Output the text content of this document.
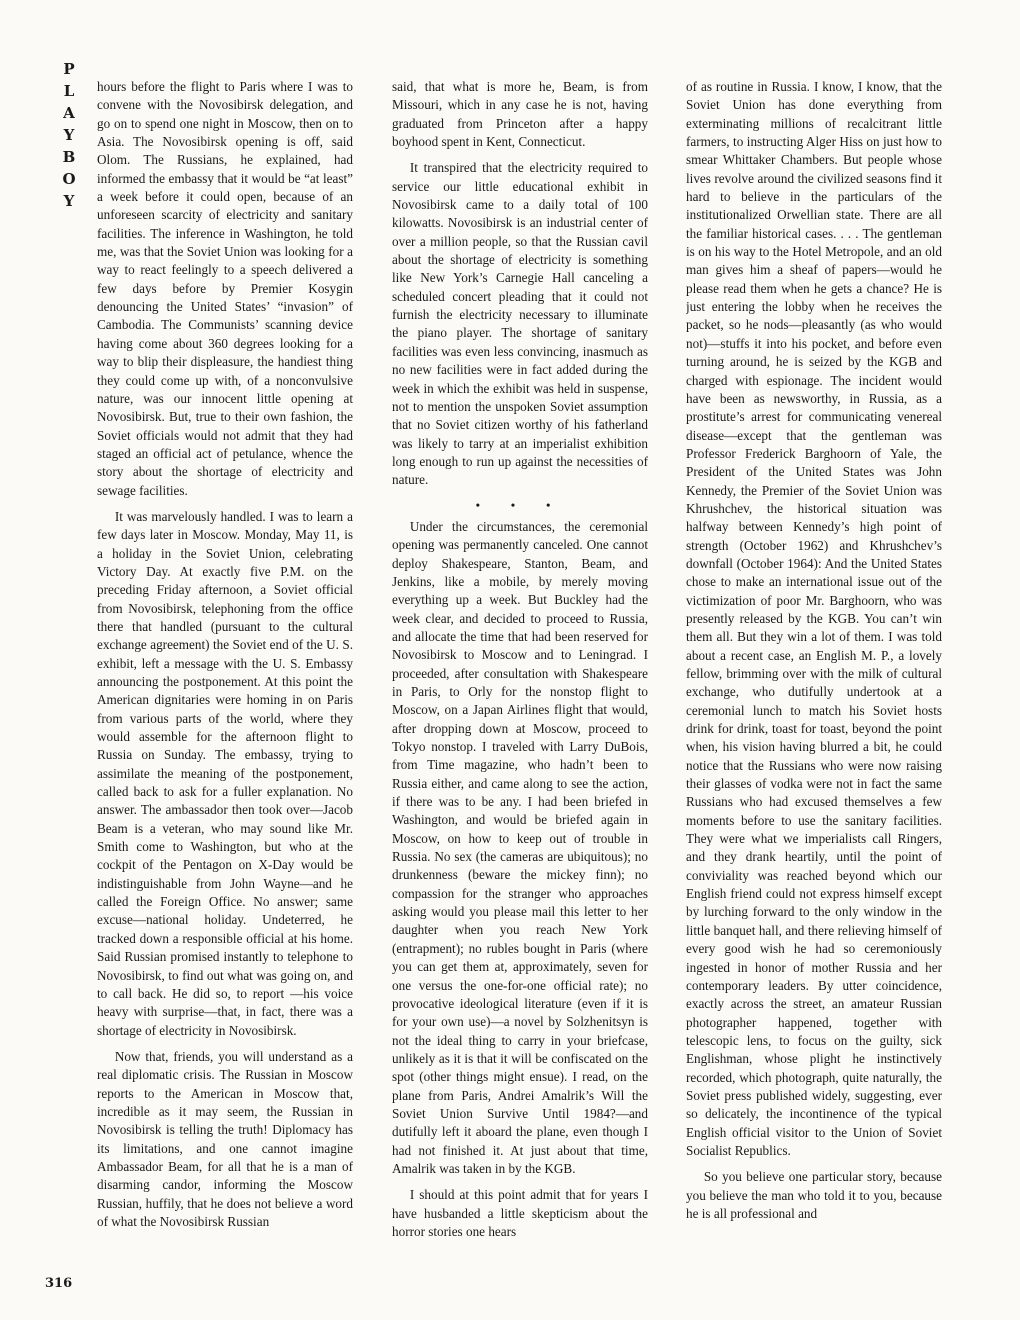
P
L
A
Y
B
O
Y

hours before the flight to Paris where I was to convene with the Novosibirsk delegation, and go on to spend one night in Moscow, then on to Asia. The Novosibirsk opening is off, said Olom. The Russians, he explained, had informed the embassy that it would be “at least” a week before it could open, because of an unforeseen scarcity of electricity and sanitary facilities. The inference in Washington, he told me, was that the Soviet Union was looking for a way to react feelingly to a speech delivered a few days before by Premier Kosygin denouncing the United States’ “invasion” of Cambodia. The Communists’ scanning device having come about 360 degrees looking for a way to blip their displeasure, the handiest thing they could come up with, of a nonconvulsive nature, was our innocent little opening at Novosibirsk. But, true to their own fashion, the Soviet officials would not admit that they had staged an official act of petulance, whence the story about the shortage of electricity and sewage facilities.

It was marvelously handled. I was to learn a few days later in Moscow. Monday, May 11, is a holiday in the Soviet Union, celebrating Victory Day. At exactly five P.M. on the preceding Friday afternoon, a Soviet official from Novosibirsk, telephoning from the office there that handled (pursuant to the cultural exchange agreement) the Soviet end of the U. S. exhibit, left a message with the U. S. Embassy announcing the postponement. At this point the American dignitaries were homing in on Paris from various parts of the world, where they would assemble for the afternoon flight to Russia on Sunday. The embassy, trying to assimilate the meaning of the postponement, called back to ask for a fuller explanation. No answer. The ambassador then took over—Jacob Beam is a veteran, who may sound like Mr. Smith come to Washington, but who at the cockpit of the Pentagon on X-Day would be indistinguishable from John Wayne—and he called the Foreign Office. No answer; same excuse—national holiday. Undeterred, he tracked down a responsible official at his home. Said Russian promised instantly to telephone to Novosibirsk, to find out what was going on, and to call back. He did so, to report —his voice heavy with surprise—that, in fact, there was a shortage of electricity in Novosibirsk.

Now that, friends, you will understand as a real diplomatic crisis. The Russian in Moscow reports to the American in Moscow that, incredible as it may seem, the Russian in Novosibirsk is telling the truth! Diplomacy has its limitations, and one cannot imagine Ambassador Beam, for all that he is a man of disarming candor, informing the Moscow Russian, huffily, that he does not believe a word of what the Novosibirsk Russian

said, that what is more he, Beam, is from Missouri, which in any case he is not, having graduated from Princeton after a happy boyhood spent in Kent, Connecticut.

It transpired that the electricity required to service our little educational exhibit in Novosibirsk came to a daily total of 100 kilowatts. Novosibirsk is an industrial center of over a million people, so that the Russian cavil about the shortage of electricity is something like New York’s Carnegie Hall canceling a scheduled concert pleading that it could not furnish the electricity necessary to illuminate the piano player. The shortage of sanitary facilities was even less convincing, inasmuch as no new facilities were in fact added during the week in which the exhibit was held in suspense, not to mention the unspoken Soviet assumption that no Soviet citizen worthy of his fatherland was likely to tarry at an imperialist exhibition long enough to run up against the necessities of nature.

• • •

Under the circumstances, the ceremonial opening was permanently canceled. One cannot deploy Shakespeare, Stanton, Beam, and Jenkins, like a mobile, by merely moving everything up a week. But Buckley had the week clear, and decided to proceed to Russia, and allocate the time that had been reserved for Novosibirsk to Moscow and to Leningrad. I proceeded, after consultation with Shakespeare in Paris, to Orly for the nonstop flight to Moscow, on a Japan Airlines flight that would, after dropping down at Moscow, proceed to Tokyo nonstop. I traveled with Larry DuBois, from Time magazine, who hadn’t been to Russia either, and came along to see the action, if there was to be any. I had been briefed in Washington, and would be briefed again in Moscow, on how to keep out of trouble in Russia. No sex (the cameras are ubiquitous); no drunkenness (beware the mickey finn); no compassion for the stranger who approaches asking would you please mail this letter to her daughter when you reach New York (entrapment); no rubles bought in Paris (where you can get them at, approximately, seven for one versus the one-for-one official rate); no provocative ideological literature (even if it is for your own use)—a novel by Solzhenitsyn is not the ideal thing to carry in your briefcase, unlikely as it is that it will be confiscated on the spot (other things might ensue). I read, on the plane from Paris, Andrei Amalrik’s Will the Soviet Union Survive Until 1984?—and dutifully left it aboard the plane, even though I had not finished it. At just about that time, Amalrik was taken in by the KGB.

I should at this point admit that for years I have husbanded a little skepticism about the horror stories one hears

of as routine in Russia. I know, I know, that the Soviet Union has done everything from exterminating millions of recalcitrant little farmers, to instructing Alger Hiss on just how to smear Whittaker Chambers. But people whose lives revolve around the civilized seasons find it hard to believe in the particulars of the institutionalized Orwellian state. There are all the familiar historical cases. . . . The gentleman is on his way to the Hotel Metropole, and an old man gives him a sheaf of papers—would he please read them when he gets a chance? He is just entering the lobby when he receives the packet, so he nods—pleasantly (as who would not)—stuffs it into his pocket, and before even turning around, he is seized by the KGB and charged with espionage. The incident would have been as newsworthy, in Russia, as a prostitute’s arrest for communicating venereal disease—except that the gentleman was Professor Frederick Barghoorn of Yale, the President of the United States was John Kennedy, the Premier of the Soviet Union was Khrushchev, the historical situation was halfway between Kennedy’s high point of strength (October 1962) and Khrushchev’s downfall (October 1964): And the United States chose to make an international issue out of the victimization of poor Mr. Barghoorn, who was presently released by the KGB. You can’t win them all. But they win a lot of them. I was told about a recent case, an English M. P., a lovely fellow, brimming over with the milk of cultural exchange, who dutifully undertook at a ceremonial lunch to match his Soviet hosts drink for drink, toast for toast, beyond the point when, his vision having blurred a bit, he could notice that the Russians who were now raising their glasses of vodka were not in fact the same Russians who had excused themselves a few moments before to use the sanitary facilities. They were what we imperialists call Ringers, and they drank heartily, until the point of conviviality was reached beyond which our English friend could not express himself except by lurching forward to the only window in the little banquet hall, and there relieving himself of every good wish he had so ceremoniously ingested in honor of mother Russia and her contemporary leaders. By utter coincidence, exactly across the street, an amateur Russian photographer happened, together with telescopic lens, to focus on the guilty, sick Englishman, whose plight he instinctively recorded, which photograph, quite naturally, the Soviet press published widely, suggesting, ever so delicately, the incontinence of the typical English official visitor to the Union of Soviet Socialist Republics.

So you believe one particular story, because you believe the man who told it to you, because he is all professional and

316
